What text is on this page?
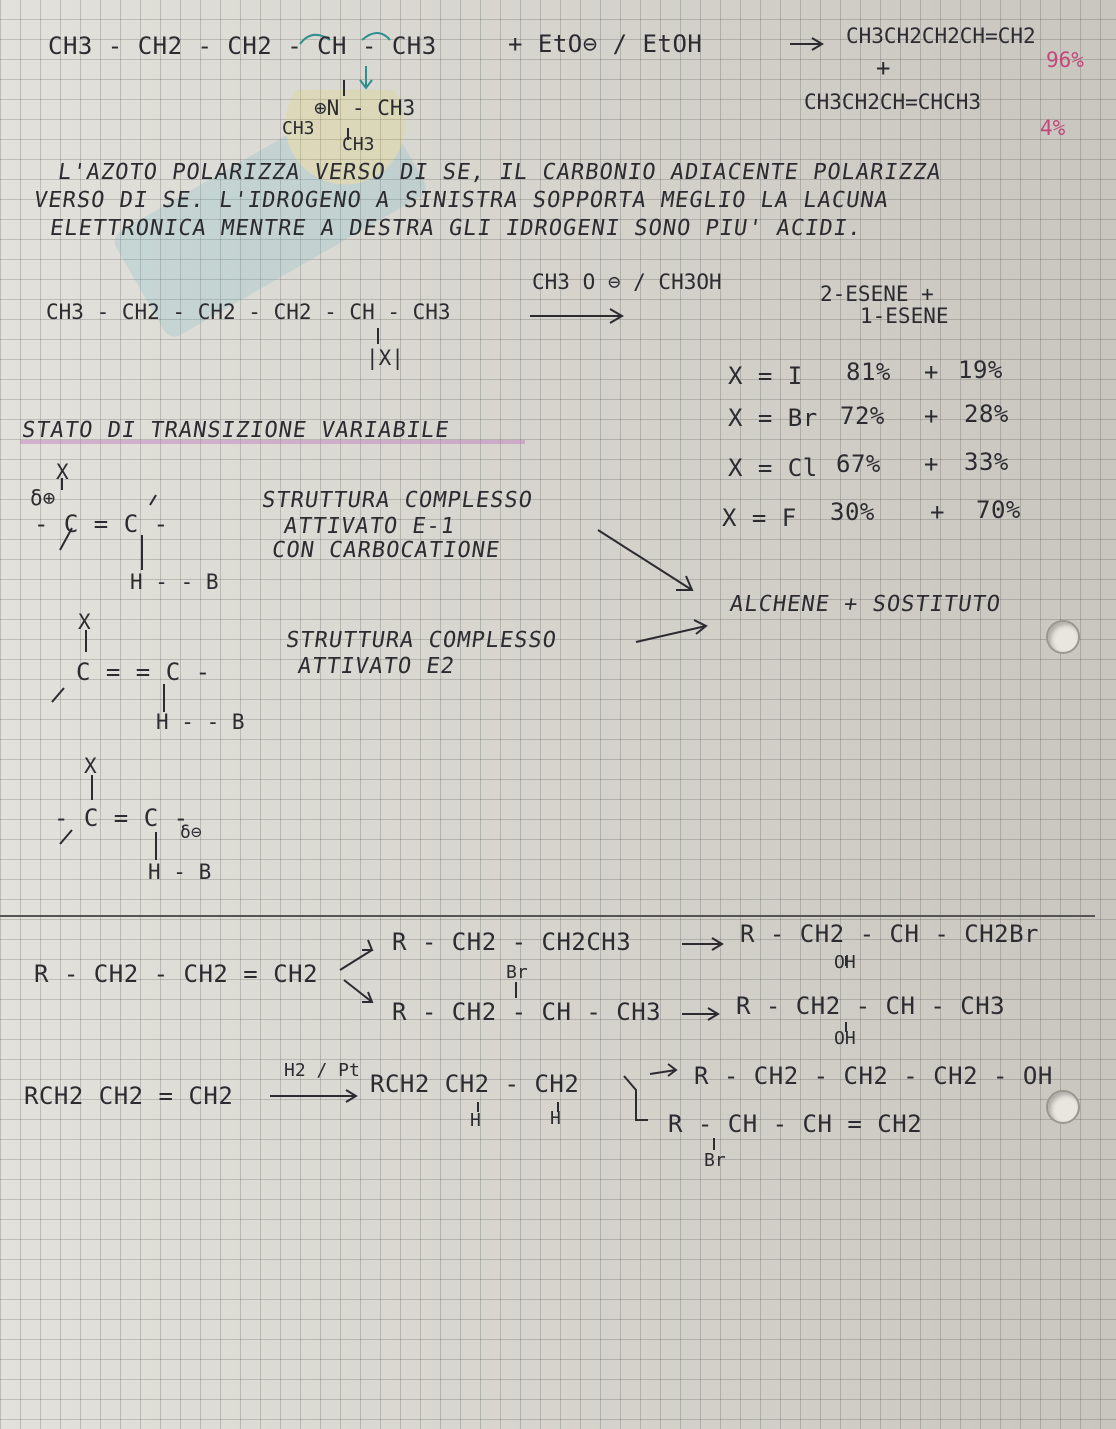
CH3 - CH2 - CH2 - CH - CH3	+ EtO⊖ / EtOH	CH3CH2CH2CH=CH2
96%
+
CH3CH2CH=CHCH3
4%
⊕N - CH3
CH3
CH3
L'AZOTO POLARIZZA VERSO DI SE, IL CARBONIO ADIACENTE POLARIZZA
VERSO DI SE. L'IDROGENO A SINISTRA SOPPORTA MEGLIO LA LACUNA
ELETTRONICA MENTRE A DESTRA GLI IDROGENI SONO PIU' ACIDI.
CH3 O ⊖ / CH3OH
CH3 - CH2 - CH2 - CH2 - CH - CH3
|X|
2-ESENE +
1-ESENE
X = I 81% + 19%
X = Br 72% + 28%
X = Cl 67% + 33%
X = F 30% + 70%
STATO DI TRANSIZIONE VARIABILE
X
δ⊕
- C = C -
H - - B
STRUTTURA COMPLESSO
ATTIVATO E-1
CON CARBOCATIONE
X
C = = C -
H - - B
STRUTTURA COMPLESSO
ATTIVATO E2
ALCHENE + SOSTITUTO
X
- C = C -
δ⊖
H - B
R - CH2 - CH2 = CH2
R - CH2 - CH2CH3
Br
R - CH2 - CH - CH3
R - CH2 - CH - CH2Br
OH
R - CH2 - CH - CH3
OH
RCH2 CH2 = CH2
H2 / Pt RCH2 CH2 - CH2
H	H
R - CH2 - CH2 - CH2 - OH
R - CH - CH = CH2
Br
